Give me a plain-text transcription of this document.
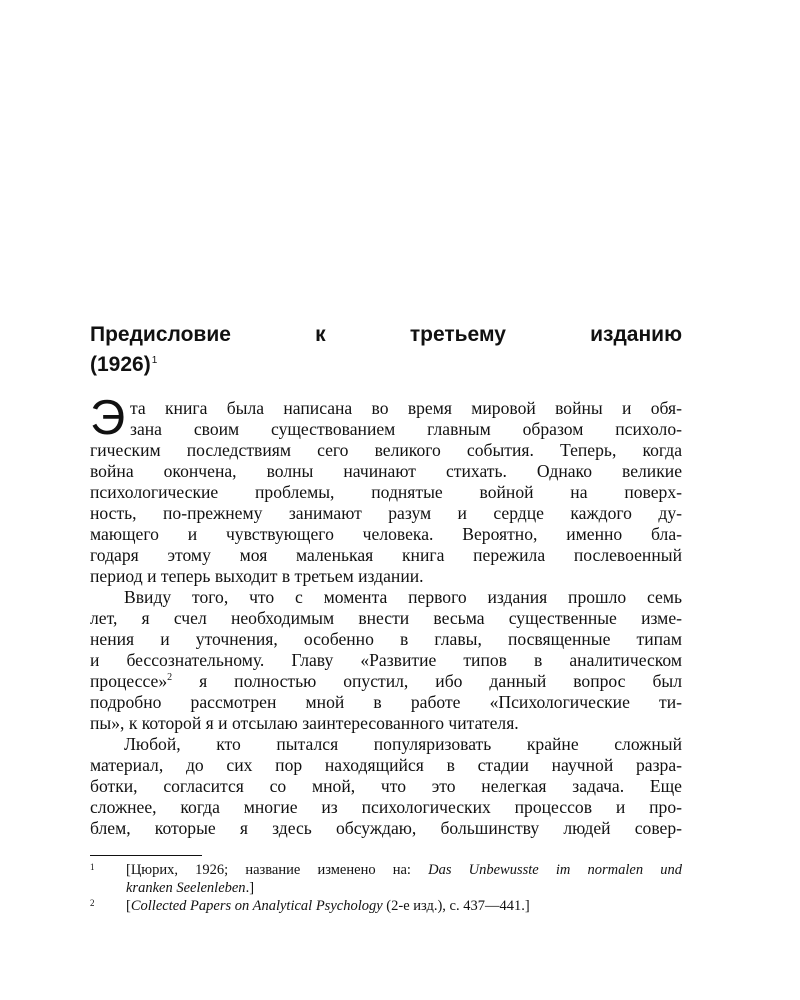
Предисловие к третьему изданию
$(1926)^1$
Э та книга была написана во время мировой войны и обя-
зана своим существованием главным образом психоло-
гическим последствиям сего великого события. Теперь, когда
война окончена, волны начинают стихать. Однако великие
психологические проблемы, поднятые войной на поверх-
ность, по-прежнему занимают разум и сердце каждого ду-
мающего и чувствующего человека. Вероятно, именно бла-
годаря этому моя маленькая книга пережила послевоенный
период и теперь выходит в третьем издании.
Ввиду того, что с момента первого издания прошло семь
лет, я счел необходимым внести весьма существенные изме-
нения и уточнения, особенно в главы, посвященные типам
и бессознательному. Главу «Развитие типов в аналитическом
процессе»$^2$ я полностью опустил, ибо данный вопрос был
подробно рассмотрен мной в работе «Психологические ти-
пы», к которой я и отсылаю заинтересованного читателя.
Любой, кто пытался популяризовать крайне сложный
материал, до сих пор находящийся в стадии научной разра-
ботки, согласится со мной, что это нелегкая задача. Еще
сложнее, когда многие из психологических процессов и про-
блем, которые я здесь обсуждаю, большинству людей совер-
1 [Цюрих, 1926; название изменено на: Das Unbewusste im normalen und
kranken Seelenleben.]
2 [Collected Papers on Analytical Psychology (2-е изд.), с. 437—441.]
